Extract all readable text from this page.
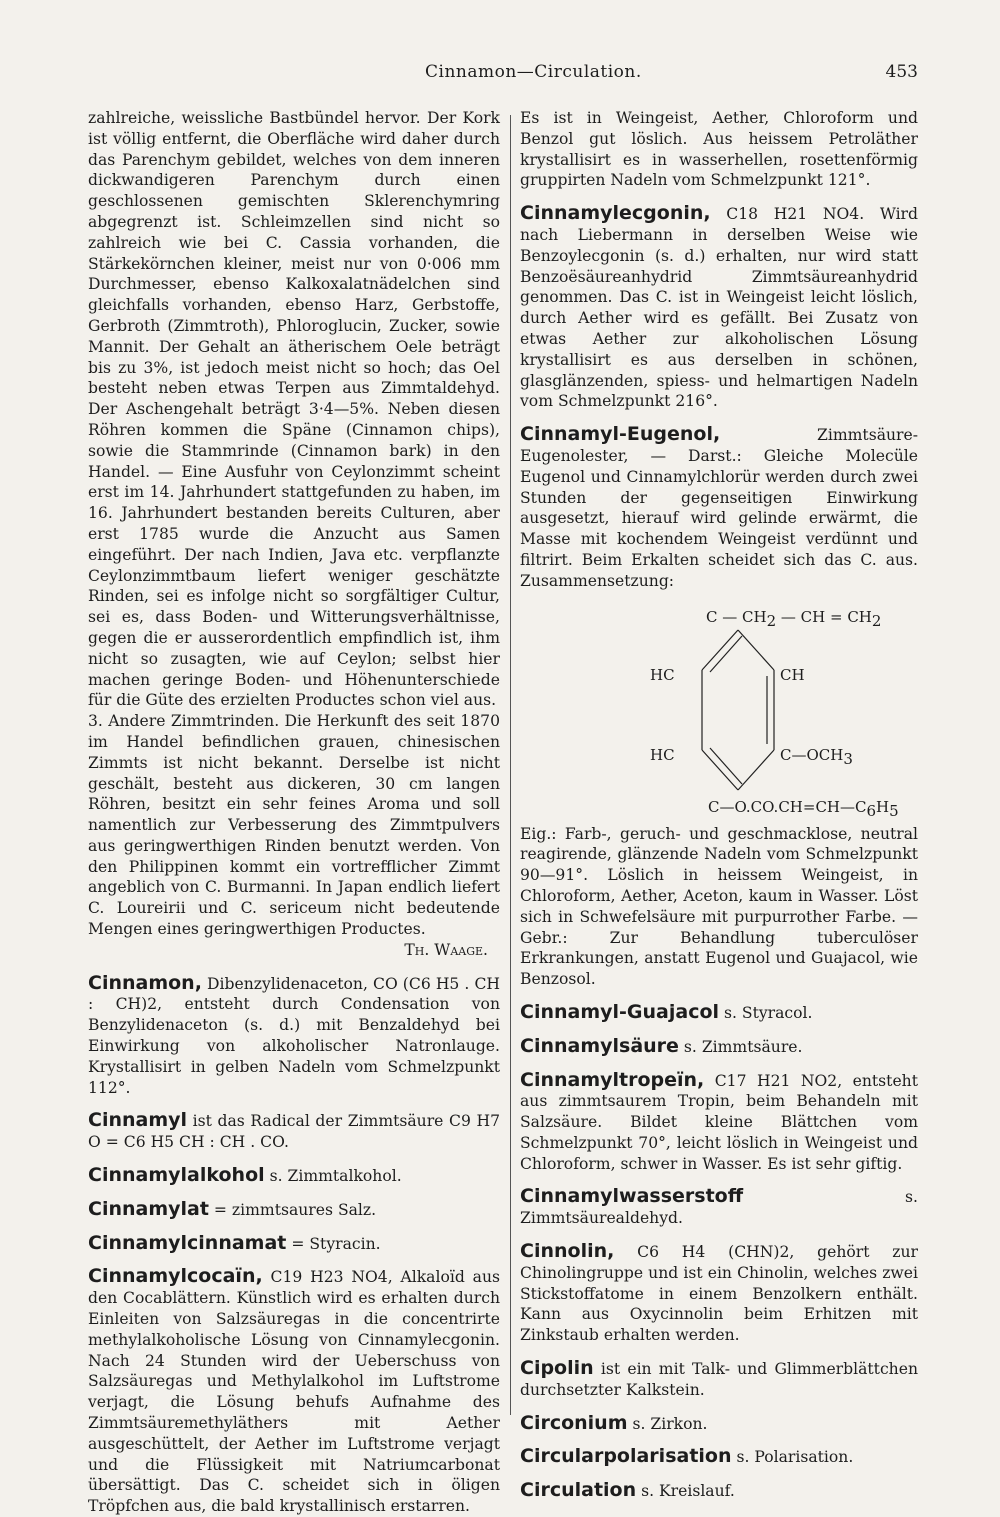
Cinnamon—Circulation.	453

zahlreiche, weissliche Bastbündel hervor. Der Kork ist völlig entfernt, die Oberfläche wird daher durch das Parenchym gebildet, welches von dem inneren dickwandigeren Parenchym durch einen geschlossenen gemischten Sklerenchymring abgegrenzt ist. Schleimzellen sind nicht so zahlreich wie bei C. Cassia vorhanden, die Stärkekörnchen kleiner, meist nur von 0·006 mm Durchmesser, ebenso Kalkoxalatnädelchen sind gleichfalls vorhanden, ebenso Harz, Gerbstoffe, Gerbroth (Zimmtroth), Phloroglucin, Zucker, sowie Mannit. Der Gehalt an ätherischem Oele beträgt bis zu 3%, ist jedoch meist nicht so hoch; das Oel besteht neben etwas Terpen aus Zimmtaldehyd. Der Aschengehalt beträgt 3·4—5%. Neben diesen Röhren kommen die Späne (Cinnamon chips), sowie die Stammrinde (Cinnamon bark) in den Handel. — Eine Ausfuhr von Ceylonzimmt scheint erst im 14. Jahrhundert stattgefunden zu haben, im 16. Jahrhundert bestanden bereits Culturen, aber erst 1785 wurde die Anzucht aus Samen eingeführt. Der nach Indien, Java etc. verpflanzte Ceylonzimmtbaum liefert weniger geschätzte Rinden, sei es infolge nicht so sorgfältiger Cultur, sei es, dass Boden- und Witterungsverhältnisse, gegen die er ausserordentlich empfindlich ist, ihm nicht so zusagten, wie auf Ceylon; selbst hier machen geringe Boden- und Höhenunterschiede für die Güte des erzielten Productes schon viel aus.

3. Andere Zimmtrinden. Die Herkunft des seit 1870 im Handel befindlichen grauen, chinesischen Zimmts ist nicht bekannt. Derselbe ist nicht geschält, besteht aus dickeren, 30 cm langen Röhren, besitzt ein sehr feines Aroma und soll namentlich zur Verbesserung des Zimmtpulvers aus geringwerthigen Rinden benutzt werden. Von den Philippinen kommt ein vortrefflicher Zimmt angeblich von C. Burmanni. In Japan endlich liefert C. Loureirii und C. sericeum nicht bedeutende Mengen eines geringwerthigen Productes.

Th. Waage.

Cinnamon, Dibenzylidenaceton, CO (C6 H5 . CH : CH)2, entsteht durch Condensation von Benzylidenaceton (s. d.) mit Benzaldehyd bei Einwirkung von alkoholischer Natronlauge. Krystallisirt in gelben Nadeln vom Schmelzpunkt 112°.

Cinnamyl ist das Radical der Zimmtsäure C9 H7 O = C6 H5 CH : CH . CO.

Cinnamylalkohol s. Zimmtalkohol.

Cinnamylat = zimmtsaures Salz.

Cinnamylcinnamat = Styracin.

Cinnamylcocaïn, C19 H23 NO4, Alkaloïd aus den Cocablättern. Künstlich wird es erhalten durch Einleiten von Salzsäuregas in die concentrirte methylalkoholische Lösung von Cinnamylecgonin. Nach 24 Stunden wird der Ueberschuss von Salzsäuregas und Methylalkohol im Luftstrome verjagt, die Lösung behufs Aufnahme des Zimmtsäuremethyläthers mit Aether ausgeschüttelt, der Aether im Luftstrome verjagt und die Flüssigkeit mit Natriumcarbonat übersättigt. Das C. scheidet sich in öligen Tröpfchen aus, die bald krystallinisch erstarren.

Es ist in Weingeist, Aether, Chloroform und Benzol gut löslich. Aus heissem Petroläther krystallisirt es in wasserhellen, rosettenförmig gruppirten Nadeln vom Schmelzpunkt 121°.

Cinnamylecgonin, C18 H21 NO4. Wird nach Liebermann in derselben Weise wie Benzoylecgonin (s. d.) erhalten, nur wird statt Benzoësäureanhydrid Zimmtsäureanhydrid genommen. Das C. ist in Weingeist leicht löslich, durch Aether wird es gefällt. Bei Zusatz von etwas Aether zur alkoholischen Lösung krystallisirt es aus derselben in schönen, glasglänzenden, spiess- und helmartigen Nadeln vom Schmelzpunkt 216°.

Cinnamyl-Eugenol, Zimmtsäure-Eugenolester, — Darst.: Gleiche Molecüle Eugenol und Cinnamylchlorür werden durch zwei Stunden der gegenseitigen Einwirkung ausgesetzt, hierauf wird gelinde erwärmt, die Masse mit kochendem Weingeist verdünnt und filtrirt. Beim Erkalten scheidet sich das C. aus. Zusammensetzung:

C — CH2 — CH = CH2
HC	CH
HC	C—OCH3
C—O.CO.CH=CH—C6H5

Eig.: Farb-, geruch- und geschmacklose, neutral reagirende, glänzende Nadeln vom Schmelzpunkt 90—91°. Löslich in heissem Weingeist, in Chloroform, Aether, Aceton, kaum in Wasser. Löst sich in Schwefelsäure mit purpurrother Farbe. — Gebr.: Zur Behandlung tuberculöser Erkrankungen, anstatt Eugenol und Guajacol, wie Benzosol.

Cinnamyl-Guajacol s. Styracol.

Cinnamylsäure s. Zimmtsäure.

Cinnamyltropeïn, C17 H21 NO2, entsteht aus zimmtsaurem Tropin, beim Behandeln mit Salzsäure. Bildet kleine Blättchen vom Schmelzpunkt 70°, leicht löslich in Weingeist und Chloroform, schwer in Wasser. Es ist sehr giftig.

Cinnamylwasserstoff s. Zimmtsäurealdehyd.

Cinnolin, C6 H4 (CHN)2, gehört zur Chinolingruppe und ist ein Chinolin, welches zwei Stickstoffatome in einem Benzolkern enthält. Kann aus Oxycinnolin beim Erhitzen mit Zinkstaub erhalten werden.

Cipolin ist ein mit Talk- und Glimmerblättchen durchsetzter Kalkstein.

Circonium s. Zirkon.

Circularpolarisation s. Polarisation.

Circulation s. Kreislauf.
